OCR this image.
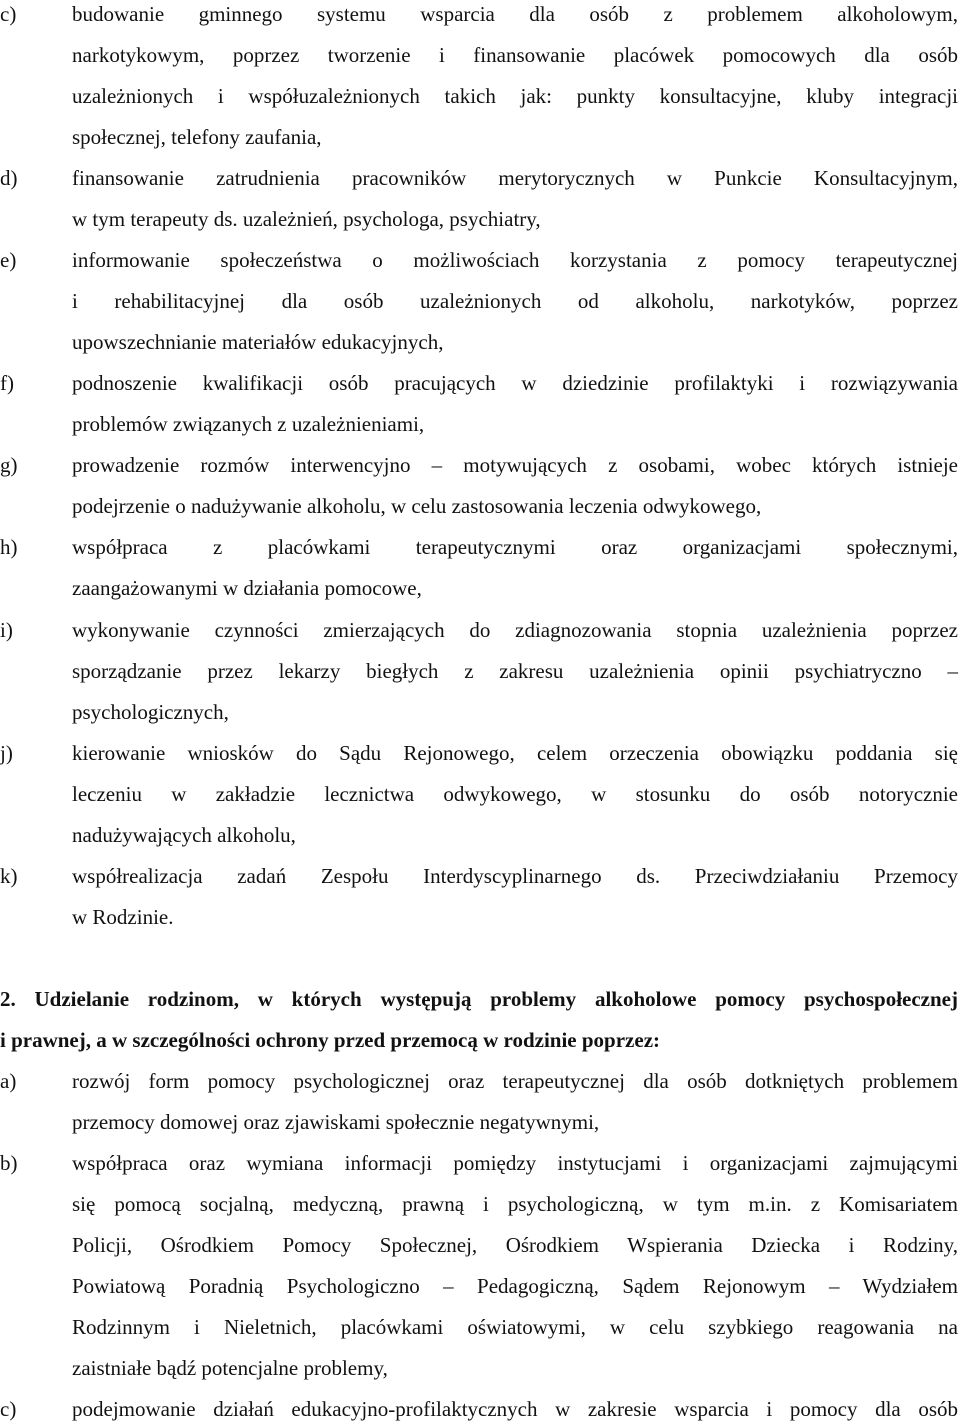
c)	budowanie gminnego systemu wsparcia dla osób z problemem alkoholowym,
narkotykowym, poprzez tworzenie i finansowanie placówek pomocowych dla osób
uzależnionych i współuzależnionych takich jak: punkty konsultacyjne, kluby integracji
społecznej, telefony zaufania,
d)	finansowanie zatrudnienia pracowników merytorycznych w Punkcie Konsultacyjnym,
w tym terapeuty ds. uzależnień, psychologa, psychiatry,
e)	informowanie społeczeństwa o możliwościach korzystania z pomocy terapeutycznej
i rehabilitacyjnej dla osób uzależnionych od alkoholu, narkotyków, poprzez
upowszechnianie materiałów edukacyjnych,
f)	podnoszenie kwalifikacji osób pracujących w dziedzinie profilaktyki i rozwiązywania
problemów związanych z uzależnieniami,
g)	prowadzenie rozmów interwencyjno – motywujących z osobami, wobec których istnieje
podejrzenie o nadużywanie alkoholu, w celu zastosowania leczenia odwykowego,
h)	współpraca z placówkami terapeutycznymi oraz organizacjami społecznymi,
zaangażowanymi w działania pomocowe,
i)	wykonywanie czynności zmierzających do zdiagnozowania stopnia uzależnienia poprzez
sporządzanie przez lekarzy biegłych z zakresu uzależnienia opinii psychiatryczno –
psychologicznych,
j)	kierowanie wniosków do Sądu Rejonowego, celem orzeczenia obowiązku poddania się
leczeniu w zakładzie lecznictwa odwykowego, w stosunku do osób notorycznie
nadużywających alkoholu,
k)	współrealizacja zadań Zespołu Interdyscyplinarnego ds. Przeciwdziałaniu Przemocy
w Rodzinie.
2. Udzielanie rodzinom, w których występują problemy alkoholowe pomocy psychospołecznej
i prawnej, a w szczególności ochrony przed przemocą w rodzinie poprzez:
a)	rozwój form pomocy psychologicznej oraz terapeutycznej dla osób dotkniętych problemem
przemocy domowej oraz zjawiskami społecznie negatywnymi,
b)	współpraca oraz wymiana informacji pomiędzy instytucjami i organizacjami zajmującymi
się pomocą socjalną, medyczną, prawną i psychologiczną, w tym m.in. z Komisariatem
Policji, Ośrodkiem Pomocy Społecznej, Ośrodkiem Wspierania Dziecka i Rodziny,
Powiatową Poradnią Psychologiczno – Pedagogiczną, Sądem Rejonowym – Wydziałem
Rodzinnym i Nieletnich, placówkami oświatowymi, w celu szybkiego reagowania na
zaistniałe bądź potencjalne problemy,
c)	podejmowanie działań edukacyjno-profilaktycznych w zakresie wsparcia i pomocy dla osób
